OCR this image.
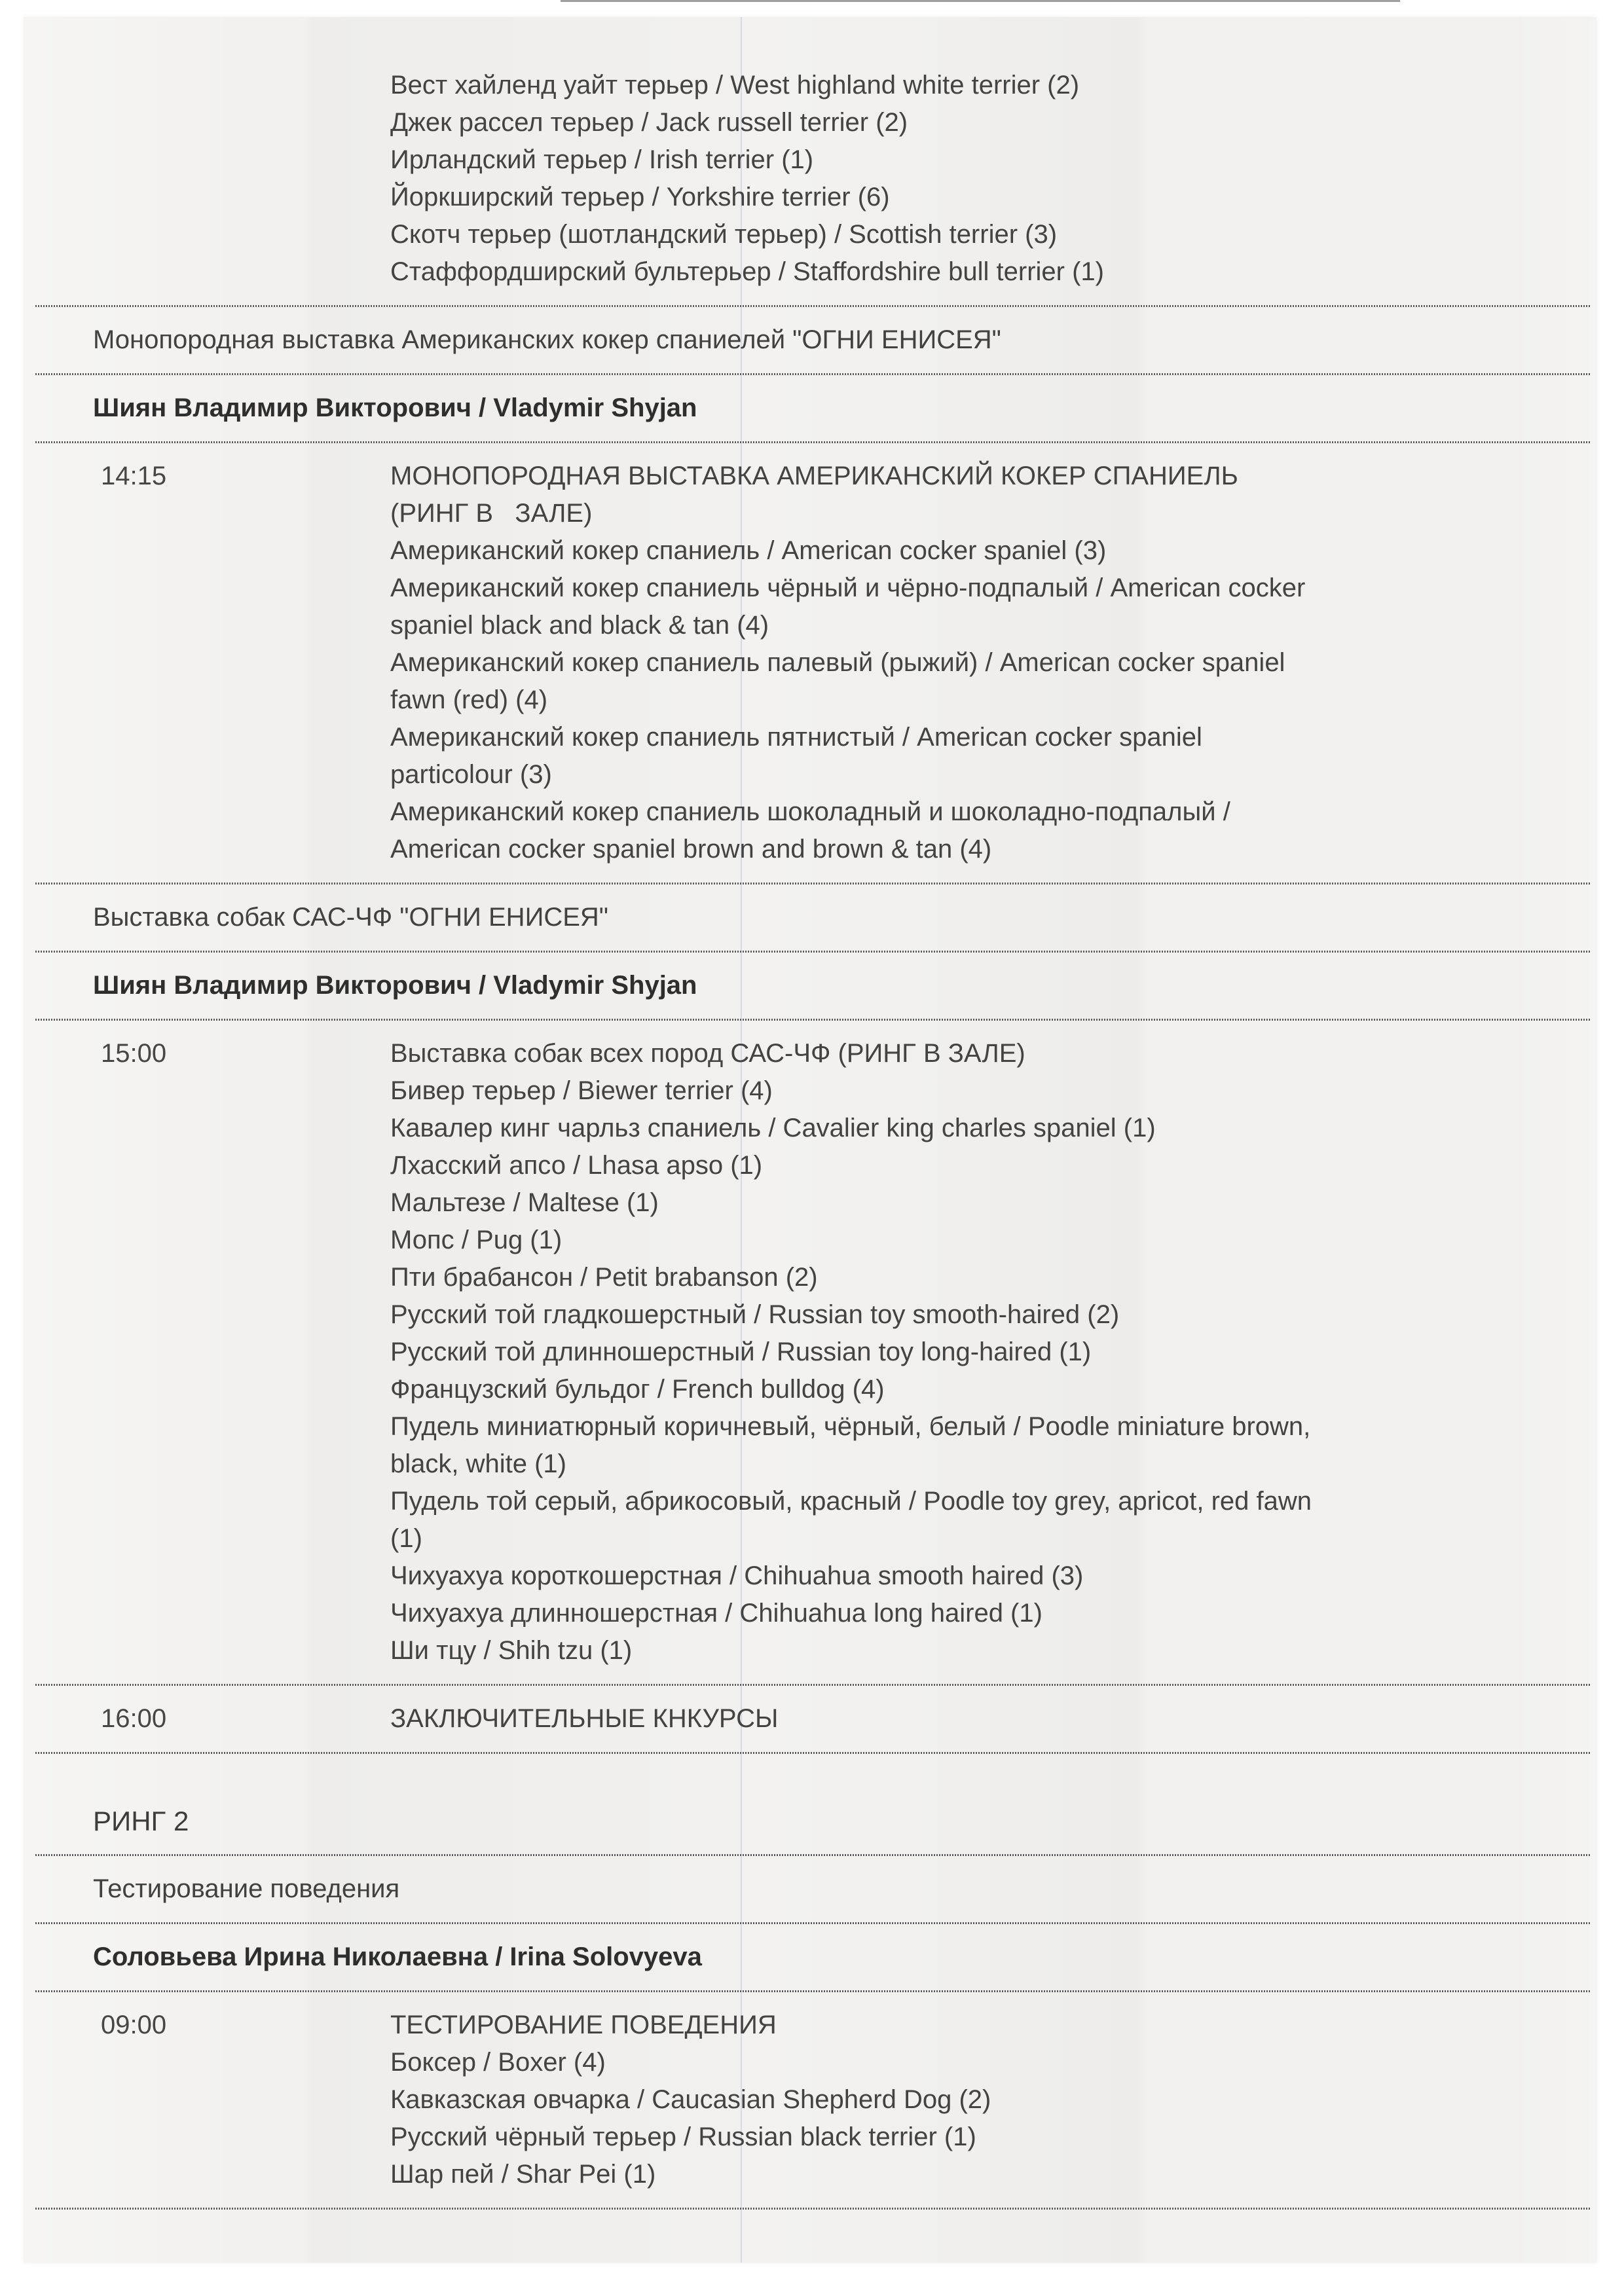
Вест хайленд уайт терьер / West highland white terrier (2)
Джек рассел терьер / Jack russell terrier (2)
Ирландский терьер / Irish terrier (1)
Йоркширский терьер / Yorkshire terrier (6)
Скотч терьер (шотландский терьер) / Scottish terrier (3)
Стаффордширский бультерьер / Staffordshire bull terrier (1)
Монопородная выставка Американских кокер спаниелей "ОГНИ ЕНИСЕЯ"
Шиян Владимир Викторович / Vladymir Shyjan
14:15	МОНОПОРОДНАЯ ВЫСТАВКА АМЕРИКАНСКИЙ КОКЕР СПАНИЕЛЬ
(РИНГ В   ЗАЛЕ)
Американский кокер спаниель / American cocker spaniel (3)
Американский кокер спаниель чёрный и чёрно-подпалый / American cocker
spaniel black and black & tan (4)
Американский кокер спаниель палевый (рыжий) / American cocker spaniel
fawn (red) (4)
Американский кокер спаниель пятнистый / American cocker spaniel
particolour (3)
Американский кокер спаниель шоколадный и шоколадно-подпалый /
American cocker spaniel brown and brown & tan (4)
Выставка собак САС-ЧФ "ОГНИ ЕНИСЕЯ"
Шиян Владимир Викторович / Vladymir Shyjan
15:00	Выставка собак всех пород САС-ЧФ (РИНГ В ЗАЛЕ)
Бивер терьер / Biewer terrier (4)
Кавалер кинг чарльз спаниель / Cavalier king charles spaniel (1)
Лхасский апсо / Lhasa apso (1)
Мальтезе / Maltese (1)
Мопс / Pug (1)
Пти брабансон / Petit brabanson (2)
Русский той гладкошерстный / Russian toy smooth-haired (2)
Русский той длинношерстный / Russian toy long-haired (1)
Французский бульдог / French bulldog (4)
Пудель миниатюрный коричневый, чёрный, белый / Poodle miniature brown,
black, white (1)
Пудель той серый, абрикосовый, красный / Poodle toy grey, apricot, red fawn
(1)
Чихуахуа короткошерстная / Chihuahua smooth haired (3)
Чихуахуа длинношерстная / Chihuahua long haired (1)
Ши тцу / Shih tzu (1)
16:00	ЗАКЛЮЧИТЕЛЬНЫЕ КНКУРСЫ
РИНГ 2
Тестирование поведения
Соловьева Ирина Николаевна / Irina Solovyeva
09:00	ТЕСТИРОВАНИЕ ПОВЕДЕНИЯ
Боксер / Boxer (4)
Кавказская овчарка / Caucasian Shepherd Dog (2)
Русский чёрный терьер / Russian black terrier (1)
Шар пей / Shar Pei (1)
